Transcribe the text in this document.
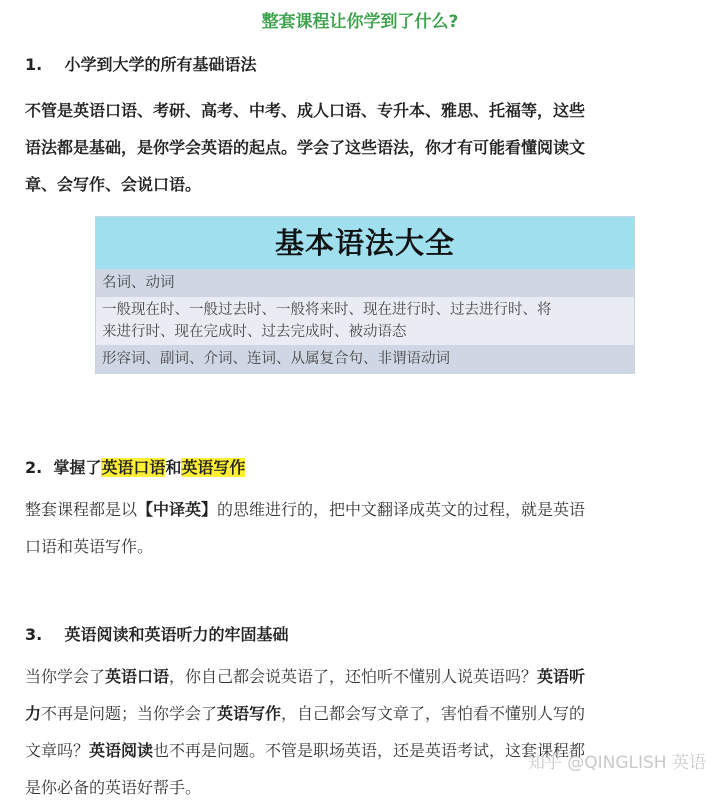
整套课程让你学到了什么?
1. 小学到大学的所有基础语法
不管是英语口语、考研、高考、中考、成人口语、专升本、雅思、托福等，这些
语法都是基础，是你学会英语的起点。学会了这些语法，你才有可能看懂阅读文
章、会写作、会说口语。
基本语法大全
名词、动词
一般现在时、一般过去时、一般将来时、现在进行时、过去进行时、将
来进行时、现在完成时、过去完成时、被动语态
形容词、副词、介词、连词、从属复合句、非谓语动词
2. 掌握了英语口语和英语写作
整套课程都是以【中译英】的思维进行的，把中文翻译成英文的过程，就是英语
口语和英语写作。
3. 英语阅读和英语听力的牢固基础
当你学会了英语口语，你自己都会说英语了，还怕听不懂别人说英语吗？英语听
力不再是问题；当你学会了英语写作，自己都会写文章了，害怕看不懂别人写的
文章吗？英语阅读也不再是问题。不管是职场英语，还是英语考试，这套课程都
是你必备的英语好帮手。
知乎 @QINGLISH 英语
